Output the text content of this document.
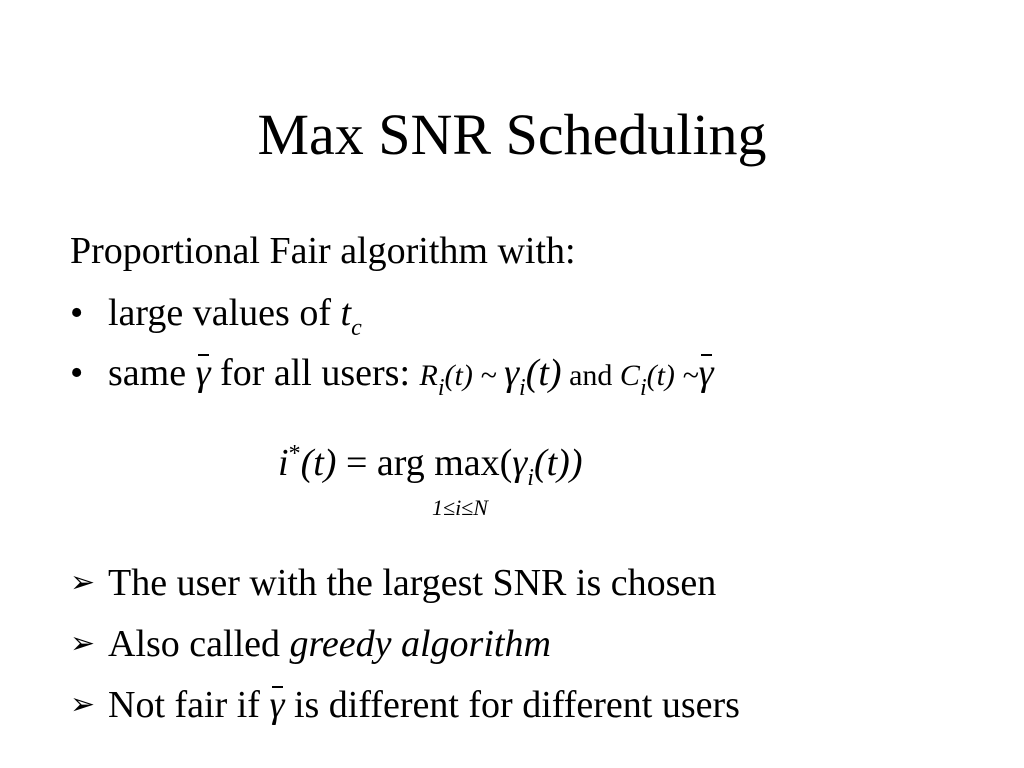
Max SNR Scheduling
Proportional Fair algorithm with:
• large values of $t_c$
• same γ for all users: $R_i(t)$ ~ $\gamma_i(t)$ and $C_i(t)$ ~γ
i*(t) = arg $\max(\gamma_i(t))$
1≤i≤N
➢ The user with the largest SNR is chosen
➢ Also called greedy algorithm
➢ Not fair if γ is different for different users
